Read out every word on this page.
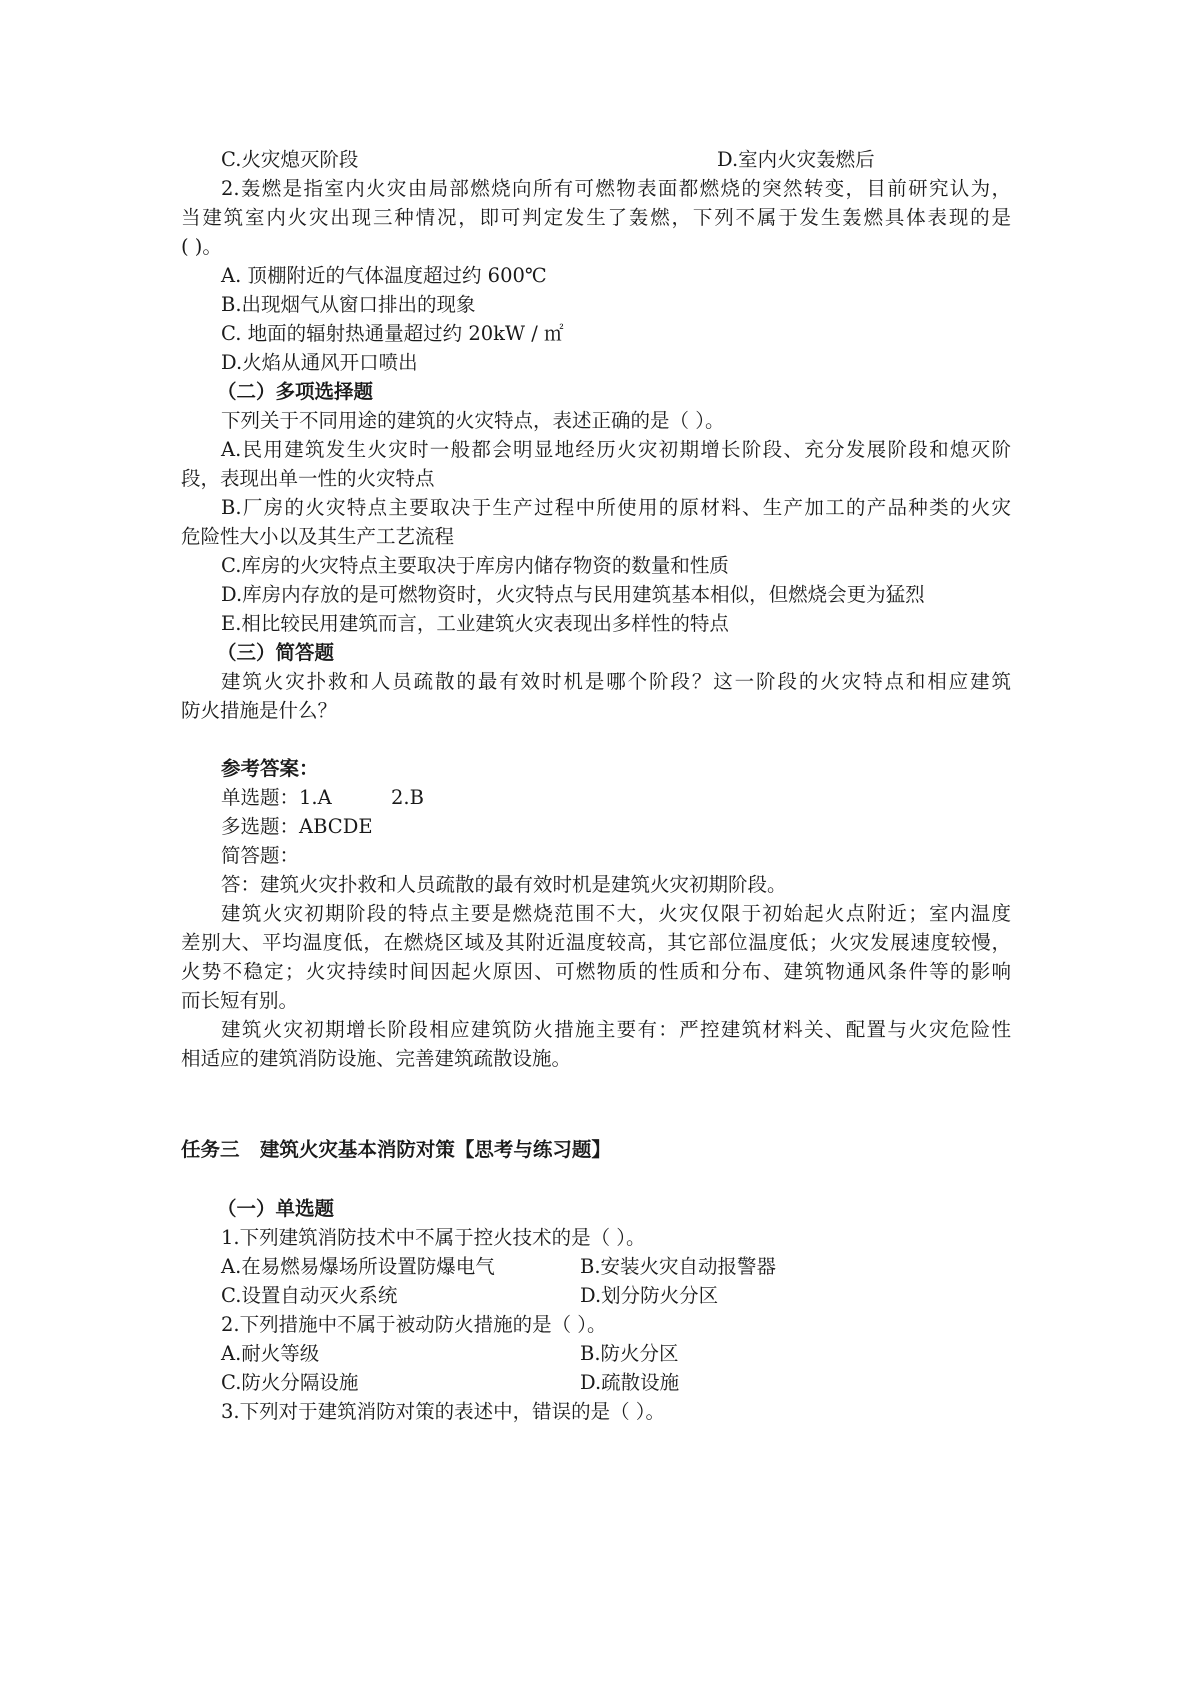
C.火灾熄灭阶段	D.室内火灾轰燃后
2.轰燃是指室内火灾由局部燃烧向所有可燃物表面都燃烧的突然转变，目前研究认为，
当建筑室内火灾出现三种情况，即可判定发生了轰燃，下列不属于发生轰燃具体表现的是
( )。
A. 顶棚附近的气体温度超过约 600℃
B.出现烟气从窗口排出的现象
C. 地面的辐射热通量超过约 20kW / ㎡
D.火焰从通风开口喷出
（二）多项选择题
下列关于不同用途的建筑的火灾特点，表述正确的是（ ）。
A.民用建筑发生火灾时一般都会明显地经历火灾初期增长阶段、充分发展阶段和熄灭阶
段，表现出单一性的火灾特点
B.厂房的火灾特点主要取决于生产过程中所使用的原材料、生产加工的产品种类的火灾
危险性大小以及其生产工艺流程
C.库房的火灾特点主要取决于库房内储存物资的数量和性质
D.库房内存放的是可燃物资时，火灾特点与民用建筑基本相似，但燃烧会更为猛烈
E.相比较民用建筑而言，工业建筑火灾表现出多样性的特点
（三）简答题
建筑火灾扑救和人员疏散的最有效时机是哪个阶段？这一阶段的火灾特点和相应建筑
防火措施是什么？
参考答案：
单选题：1.A	2.B
多选题：ABCDE
简答题：
答：建筑火灾扑救和人员疏散的最有效时机是建筑火灾初期阶段。
建筑火灾初期阶段的特点主要是燃烧范围不大，火灾仅限于初始起火点附近；室内温度
差别大、平均温度低，在燃烧区域及其附近温度较高，其它部位温度低；火灾发展速度较慢，
火势不稳定；火灾持续时间因起火原因、可燃物质的性质和分布、建筑物通风条件等的影响
而长短有别。
建筑火灾初期增长阶段相应建筑防火措施主要有：严控建筑材料关、配置与火灾危险性
相适应的建筑消防设施、完善建筑疏散设施。
任务三   建筑火灾基本消防对策【思考与练习题】
（一）单选题
1.下列建筑消防技术中不属于控火技术的是（ ）。
A.在易燃易爆场所设置防爆电气	B.安装火灾自动报警器
C.设置自动灭火系统	D.划分防火分区
2.下列措施中不属于被动防火措施的是（ ）。
A.耐火等级	B.防火分区
C.防火分隔设施	D.疏散设施
3.下列对于建筑消防对策的表述中，错误的是（ ）。
